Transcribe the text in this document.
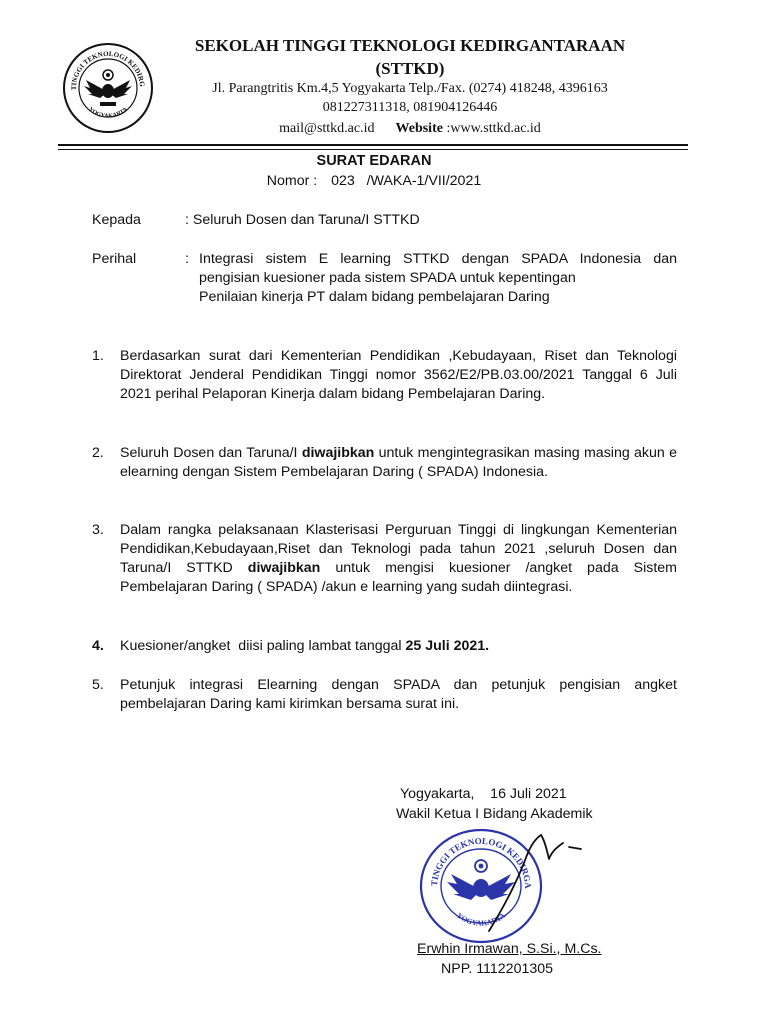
TINGGI TEKNOLOGI KEDIRG
YOGYAKARTA
SEKOLAH TINGGI TEKNOLOGI KEDIRGANTARAAN
(STTKD)
Jl. Parangtritis Km.4,5 Yogyakarta Telp./Fax. (0274) 418248, 4396163
081227311318, 081904126446
mail@sttkd.ac.id Website :www.sttkd.ac.id
SURAT EDARAN
Nomor : 023   /WAKA-1/VII/2021
Kepada	: Seluruh Dosen dan Taruna/I STTKD
Perihal	: Integrasi sistem E learning STTKD dengan SPADA Indonesia dan
pengisian kuesioner pada sistem SPADA untuk kepentingan
Penilaian kinerja PT dalam bidang pembelajaran Daring
1.	Berdasarkan surat dari Kementerian Pendidikan ,Kebudayaan, Riset dan Teknologi Direktorat Jenderal Pendidikan Tinggi nomor 3562/E2/PB.03.00/2021 Tanggal 6 Juli 2021 perihal Pelaporan Kinerja dalam bidang Pembelajaran Daring.
2.	Seluruh Dosen dan Taruna/I diwajibkan untuk mengintegrasikan masing masing akun e elearning dengan Sistem Pembelajaran Daring ( SPADA) Indonesia.
3.	Dalam rangka pelaksanaan Klasterisasi Perguruan Tinggi di lingkungan Kementerian Pendidikan,Kebudayaan,Riset dan Teknologi pada tahun 2021 ,seluruh Dosen dan Taruna/I STTKD diwajibkan untuk mengisi kuesioner /angket pada Sistem Pembelajaran Daring ( SPADA) /akun e learning yang sudah diintegrasi.
4.	Kuesioner/angket  diisi paling lambat tanggal 25 Juli 2021.
5.	Petunjuk integrasi Elearning dengan SPADA dan petunjuk pengisian angket pembelajaran Daring kami kirimkan bersama surat ini.
Yogyakarta,    16 Juli 2021
Wakil Ketua I Bidang Akademik
TINGGI TEKNOLOGI KEDIRGA
YOGYAKARTA
Erwhin Irmawan, S.Si., M.Cs.
NPP. 1112201305
